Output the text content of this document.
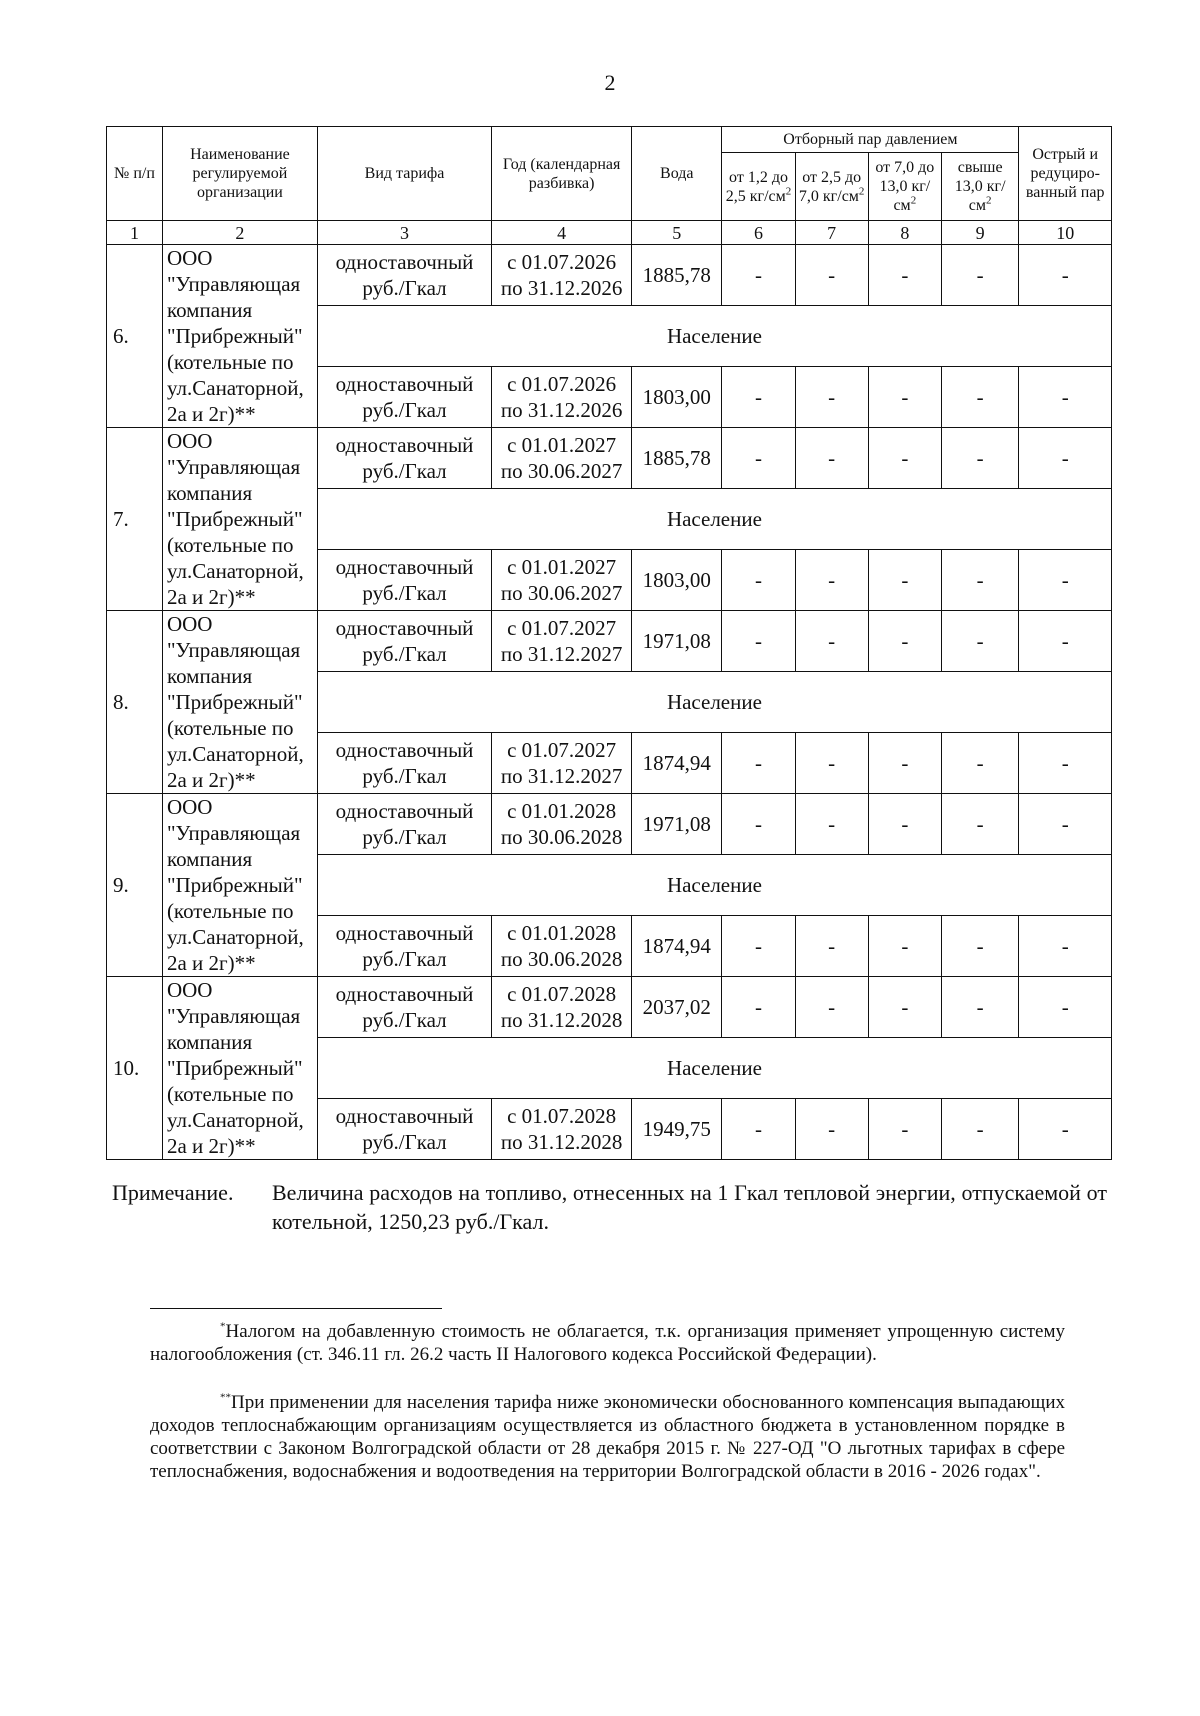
2
№ п/п	Наименование регулируемой организации	Вид тарифа	Год (календарная разбивка)	Вода	Отборный пар давлением				Острый и редуциро-ванный пар
					от 1,2 до 2,5 $кг/см^2$	от 2,5 до 7,0 $кг/см^2$	от 7,0 до 13,0 $кг/см^2$	свыше 13,0 $кг/см^2$
1	2	3	4	5	6	7	8	9	10
6.	ООО "Управляющая компания "Прибрежный" (котельные по ул.Санаторной, 2а и 2г)**	одноставочный руб./Гкал	с 01.07.2026 по 31.12.2026	1885,78	-	-	-	-	-
		Население							
		одноставочный руб./Гкал	с 01.07.2026 по 31.12.2026	1803,00	-	-	-	-	-
7.	ООО "Управляющая компания "Прибрежный" (котельные по ул.Санаторной, 2а и 2г)**	одноставочный руб./Гкал	с 01.01.2027 по 30.06.2027	1885,78	-	-	-	-	-
		Население							
		одноставочный руб./Гкал	с 01.01.2027 по 30.06.2027	1803,00	-	-	-	-	-
8.	ООО "Управляющая компания "Прибрежный" (котельные по ул.Санаторной, 2а и 2г)**	одноставочный руб./Гкал	с 01.07.2027 по 31.12.2027	1971,08	-	-	-	-	-
		Население							
		одноставочный руб./Гкал	с 01.07.2027 по 31.12.2027	1874,94	-	-	-	-	-
9.	ООО "Управляющая компания "Прибрежный" (котельные по ул.Санаторной, 2а и 2г)**	одноставочный руб./Гкал	с 01.01.2028 по 30.06.2028	1971,08	-	-	-	-	-
		Население							
		одноставочный руб./Гкал	с 01.01.2028 по 30.06.2028	1874,94	-	-	-	-	-
10.	ООО "Управляющая компания "Прибрежный" (котельные по ул.Санаторной, 2а и 2г)**	одноставочный руб./Гкал	с 01.07.2028 по 31.12.2028	2037,02	-	-	-	-	-
		Население							
		одноставочный руб./Гкал	с 01.07.2028 по 31.12.2028	1949,75	-	-	-	-	-
Примечание. Величина расходов на топливо, отнесенных на 1 Гкал тепловой энергии, отпускаемой от котельной, 1250,23 руб./Гкал.
*Налогом на добавленную стоимость не облагается, т.к. организация применяет упрощенную систему налогообложения (ст. 346.11 гл. 26.2 часть II Налогового кодекса Российской Федерации).
**При применении для населения тарифа ниже экономически обоснованного компенсация выпадающих доходов теплоснабжающим организациям осуществляется из областного бюджета в установленном порядке в соответствии с Законом Волгоградской области от 28 декабря 2015 г. № 227-ОД "О льготных тарифах в сфере теплоснабжения, водоснабжения и водоотведения на территории Волгоградской области в 2016 - 2026 годах".
